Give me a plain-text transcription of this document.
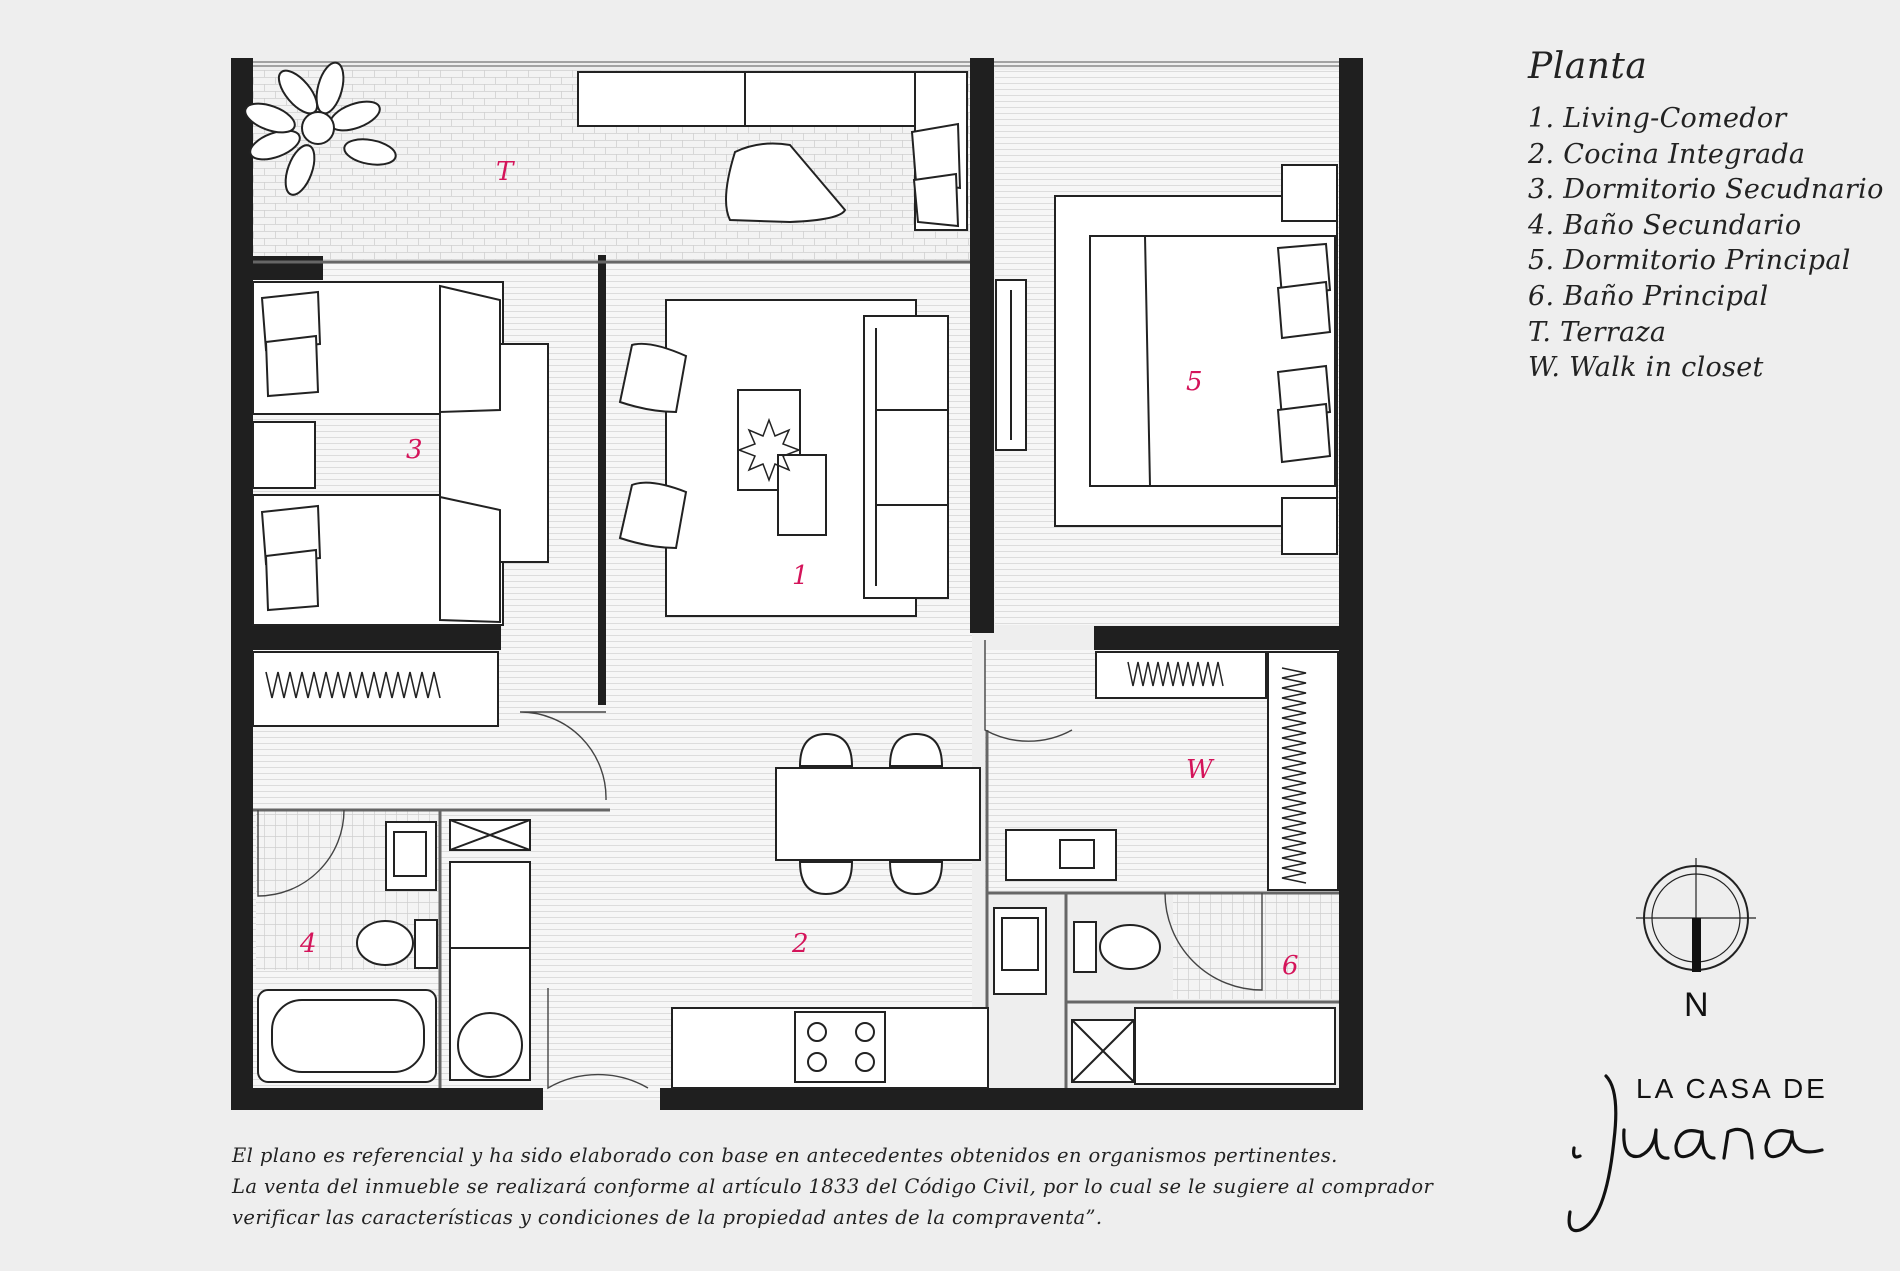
T
1
2
3
4
5
6
W
N
LA CASA DE
Planta
1. Living-Comedor
2. Cocina Integrada
3. Dormitorio Secudnario
4. Baño Secundario
5. Dormitorio Principal
6. Baño Principal
T. Terraza
W. Walk in closet

El plano es referencial y ha sido elaborado con base en antecedentes obtenidos en organismos pertinentes.

La venta del inmueble se realizará conforme al artículo 1833 del Código Civil, por lo cual se le sugiere al comprador

verificar las características y condiciones de la propiedad antes de la compraventa”.
